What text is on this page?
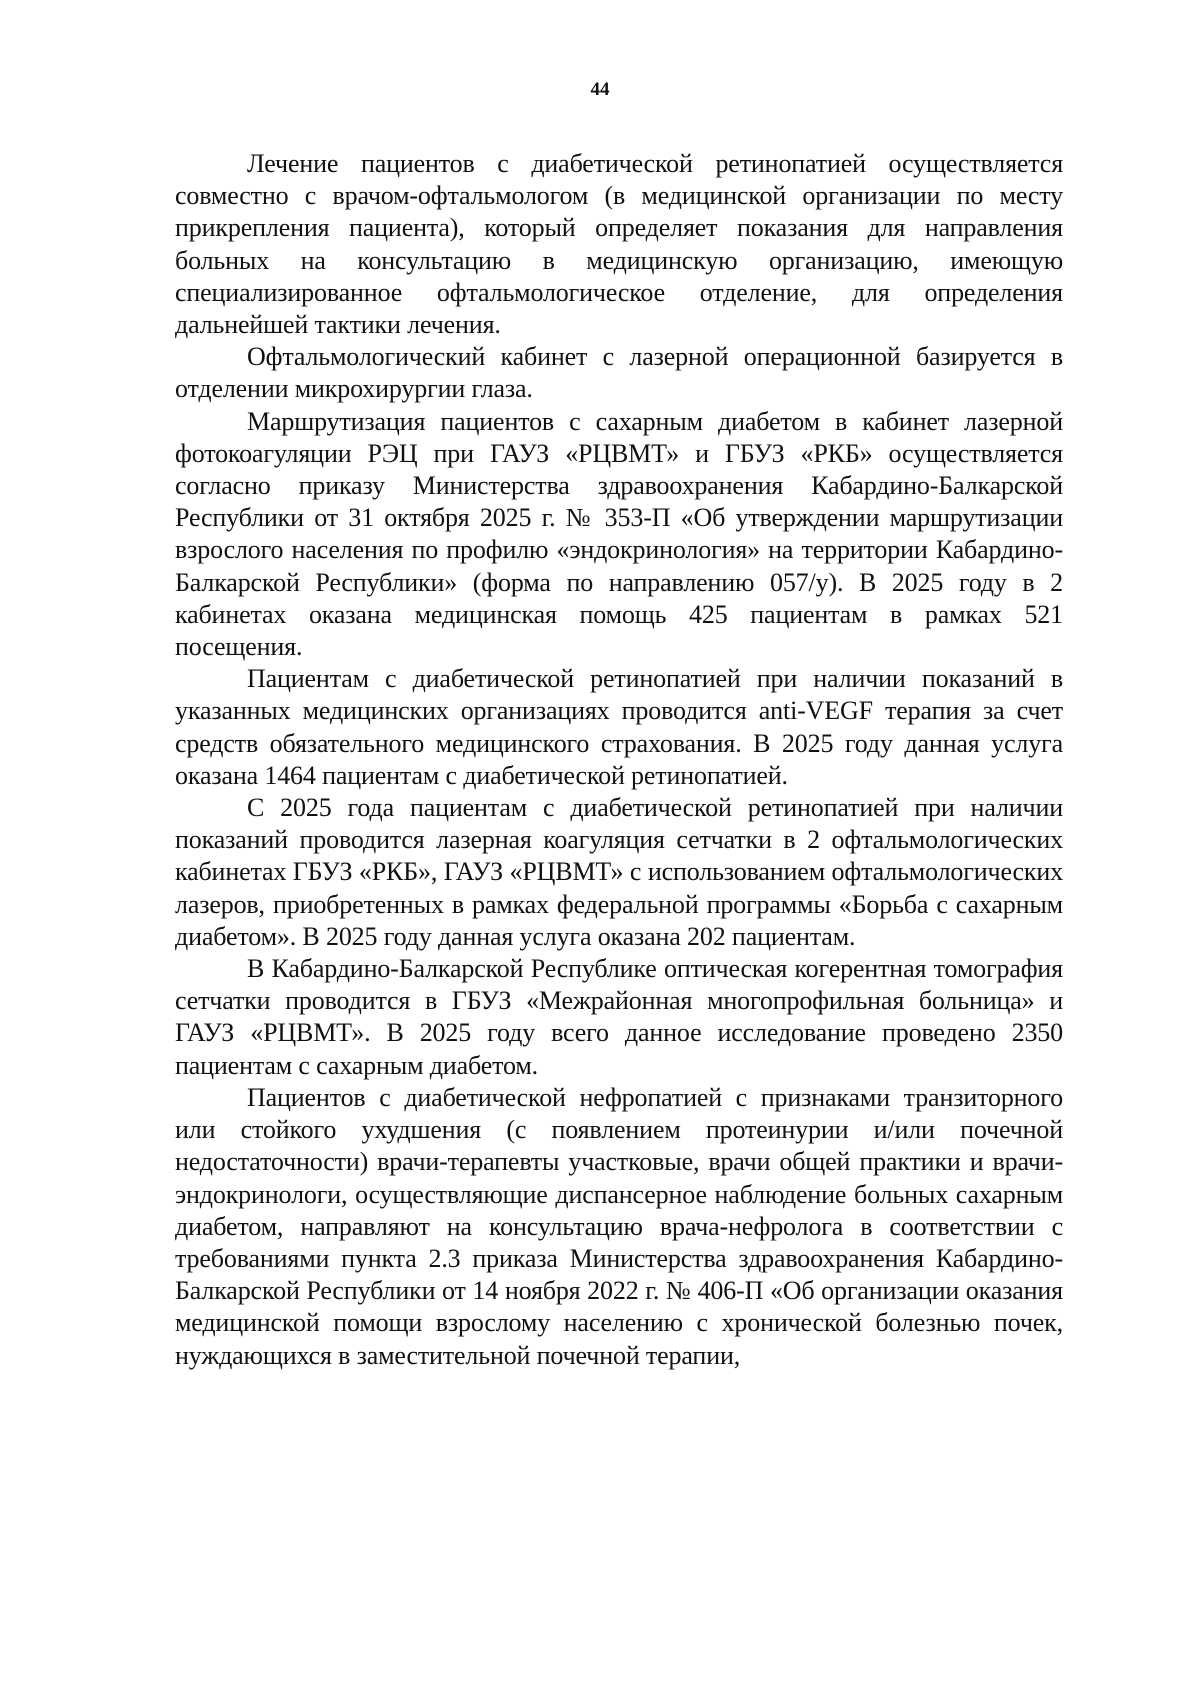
44

Лечение пациентов с диабетической ретинопатией осуществляется совместно с врачом-офтальмологом (в медицинской организации по месту прикрепления пациента), который определяет показания для направления больных на консультацию в медицинскую организацию, имеющую специализированное офтальмологическое отделение, для определения дальнейшей тактики лечения.

Офтальмологический кабинет с лазерной операционной базируется в отделении микрохирургии глаза.

Маршрутизация пациентов с сахарным диабетом в кабинет лазерной фотокоагуляции РЭЦ при ГАУЗ «РЦВМТ» и ГБУЗ «РКБ» осуществляется согласно приказу Министерства здравоохранения Кабардино-Балкарской Республики от 31 октября 2025 г. № 353-П «Об утверждении маршрутизации взрослого населения по профилю «эндокринология» на территории Кабардино-Балкарской Республики» (форма по направлению 057/у). В 2025 году в 2 кабинетах оказана медицинская помощь 425 пациентам в рамках 521 посещения.

Пациентам с диабетической ретинопатией при наличии показаний в указанных медицинских организациях проводится anti-VEGF терапия за счет средств обязательного медицинского страхования. В 2025 году данная услуга оказана 1464 пациентам с диабетической ретинопатией.

С 2025 года пациентам с диабетической ретинопатией при наличии показаний проводится лазерная коагуляция сетчатки в 2 офтальмологических кабинетах ГБУЗ «РКБ», ГАУЗ «РЦВМТ» с использованием офтальмологических лазеров, приобретенных в рамках федеральной программы «Борьба с сахарным диабетом». В 2025 году данная услуга оказана 202 пациентам.

В Кабардино-Балкарской Республике оптическая когерентная томография сетчатки проводится в ГБУЗ «Межрайонная многопрофильная больница» и ГАУЗ «РЦВМТ». В 2025 году всего данное исследование проведено 2350 пациентам с сахарным диабетом.

Пациентов с диабетической нефропатией с признаками транзиторного или стойкого ухудшения (с появлением протеинурии и/или почечной недостаточности) врачи-терапевты участковые, врачи общей практики и врачи-эндокринологи, осуществляющие диспансерное наблюдение больных сахарным диабетом, направляют на консультацию врача-нефролога в соответствии с требованиями пункта 2.3 приказа Министерства здравоохранения Кабардино-Балкарской Республики от 14 ноября 2022 г. № 406-П «Об организации оказания медицинской помощи взрослому населению с хронической болезнью почек, нуждающихся в заместительной почечной терапии,
